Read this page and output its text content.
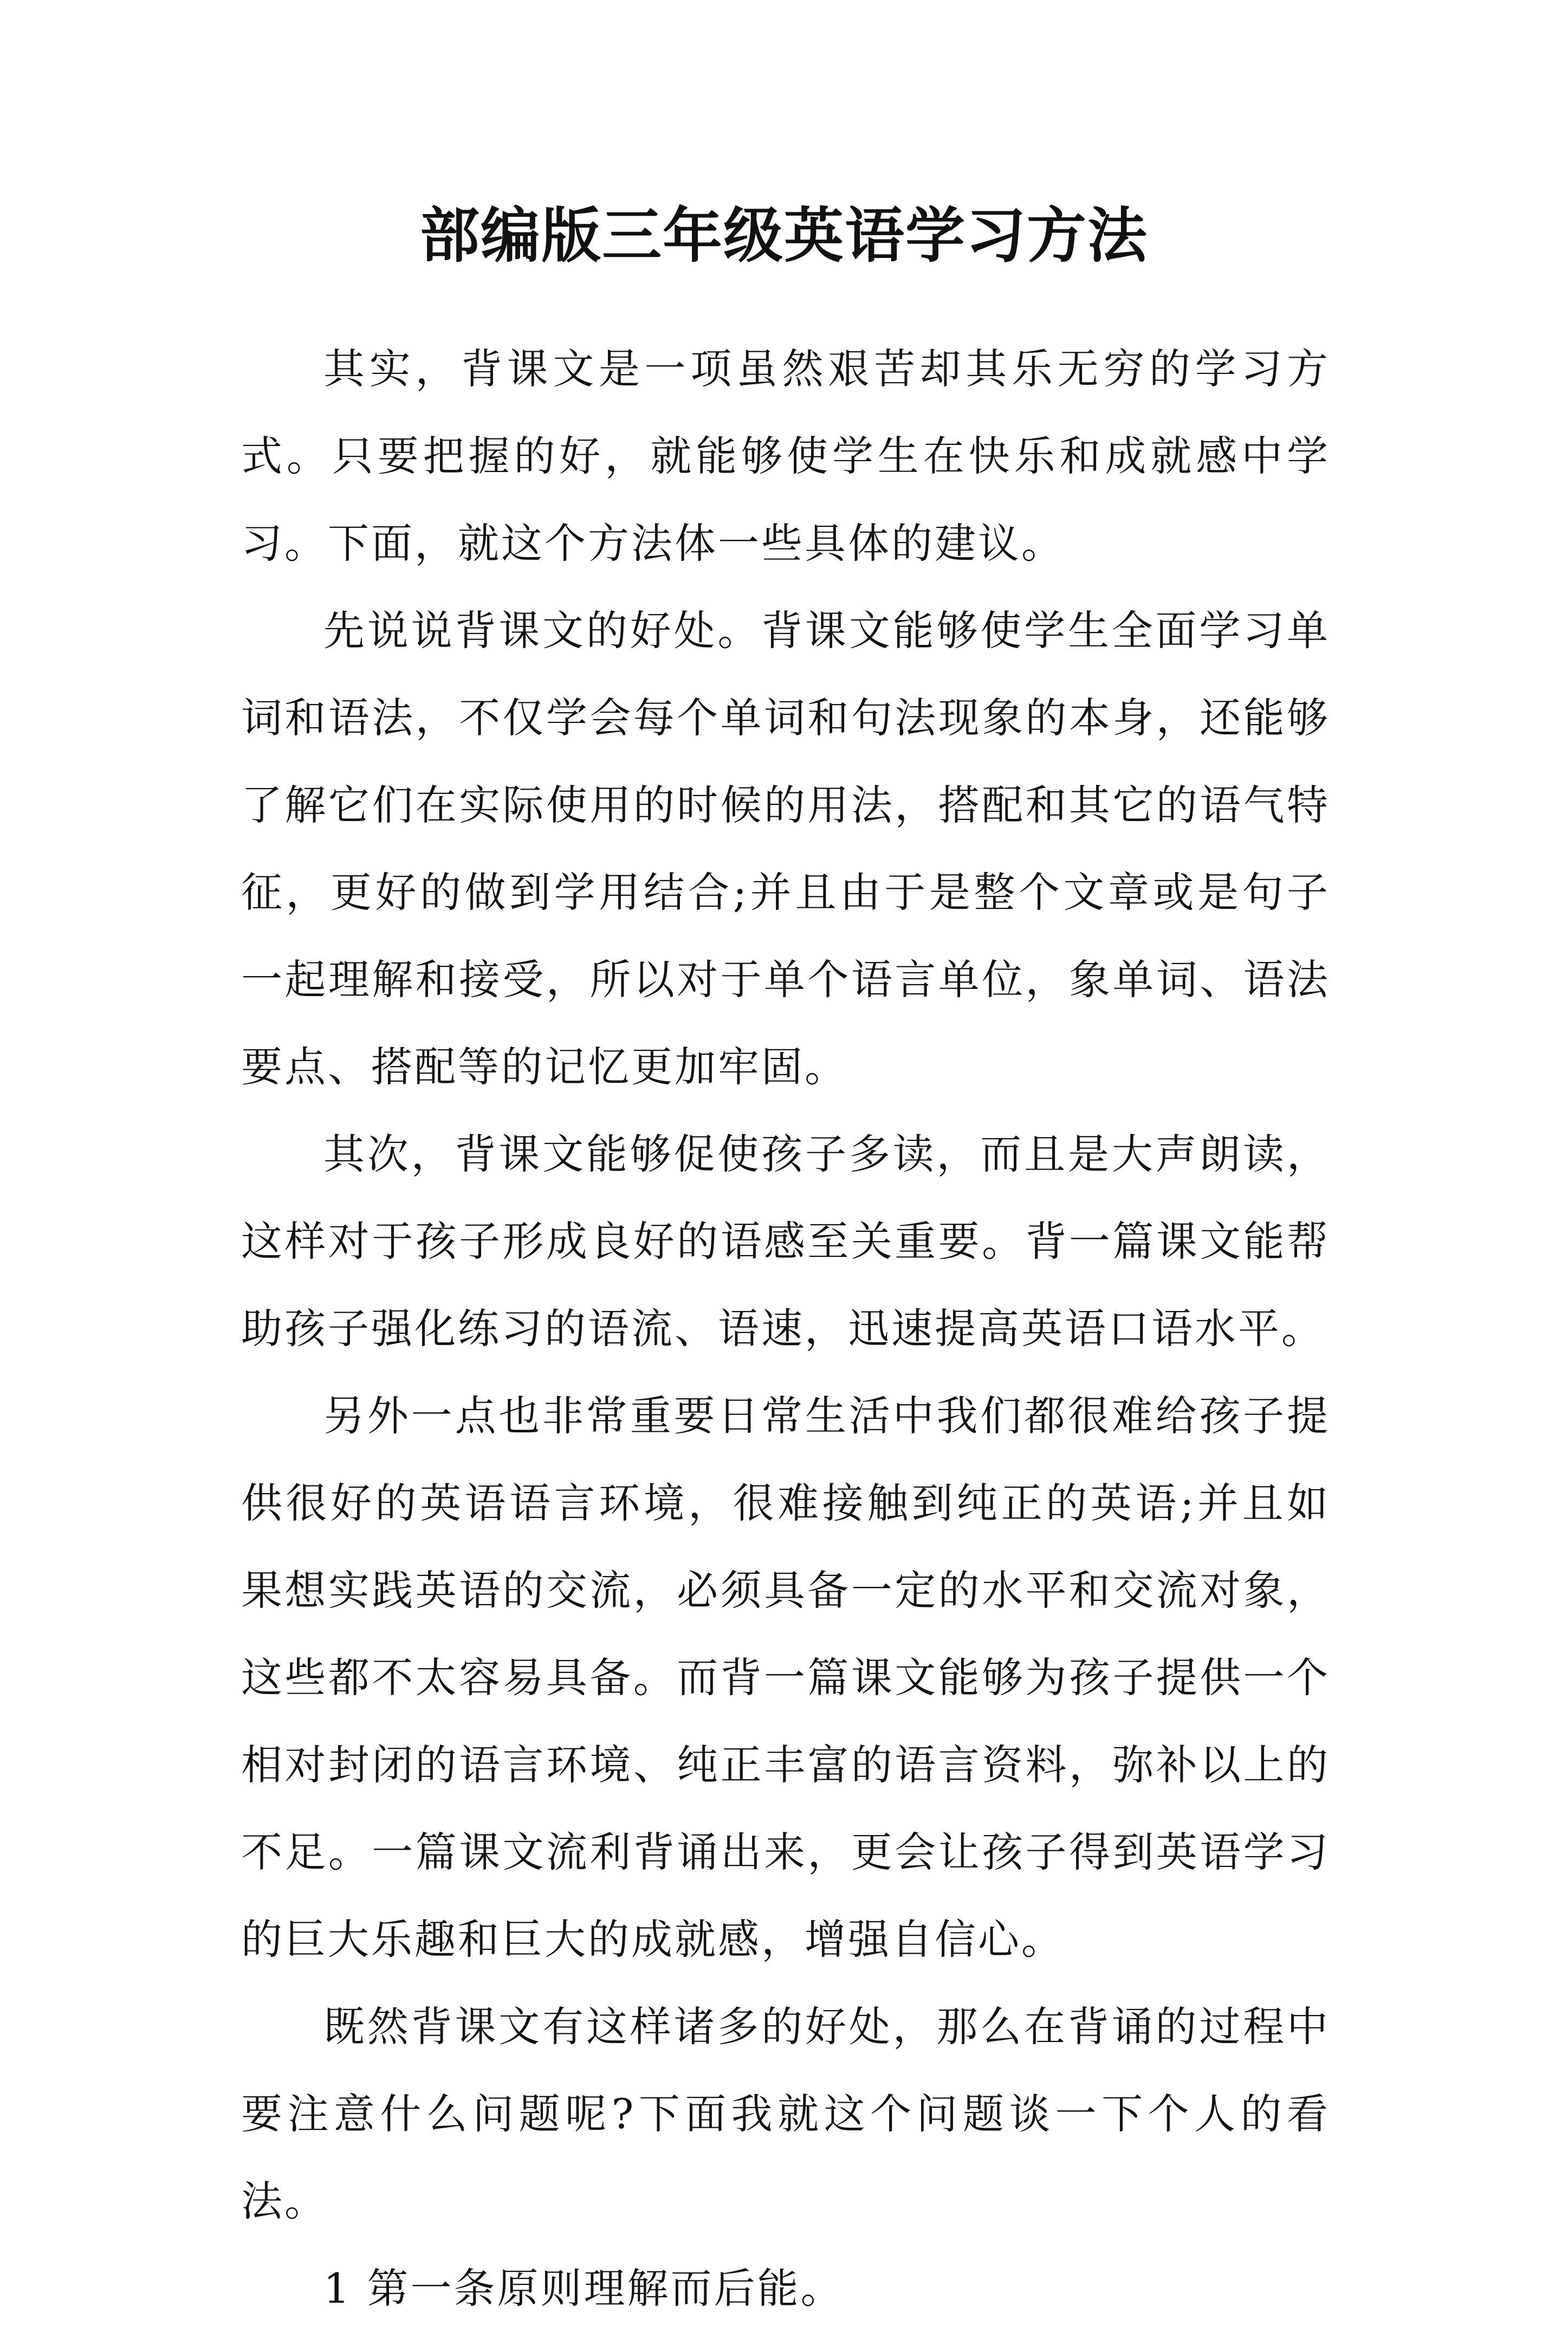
部编版三年级英语学习方法

其实，背课文是一项虽然艰苦却其乐无穷的学习方式。只要把握的好，就能够使学生在快乐和成就感中学习。下面，就这个方法体一些具体的建议。

先说说背课文的好处。背课文能够使学生全面学习单词和语法，不仅学会每个单词和句法现象的本身，还能够了解它们在实际使用的时候的用法，搭配和其它的语气特征，更好的做到学用结合;并且由于是整个文章或是句子一起理解和接受，所以对于单个语言单位，象单词、语法要点、搭配等的记忆更加牢固。

其次，背课文能够促使孩子多读，而且是大声朗读，这样对于孩子形成良好的语感至关重要。背一篇课文能帮助孩子强化练习的语流、语速，迅速提高英语口语水平。

另外一点也非常重要日常生活中我们都很难给孩子提供很好的英语语言环境，很难接触到纯正的英语;并且如果想实践英语的交流，必须具备一定的水平和交流对象，这些都不太容易具备。而背一篇课文能够为孩子提供一个相对封闭的语言环境、纯正丰富的语言资料，弥补以上的不足。一篇课文流利背诵出来，更会让孩子得到英语学习的巨大乐趣和巨大的成就感，增强自信心。

既然背课文有这样诸多的好处，那么在背诵的过程中要注意什么问题呢?下面我就这个问题谈一下个人的看法。

1 第一条原则理解而后能。
